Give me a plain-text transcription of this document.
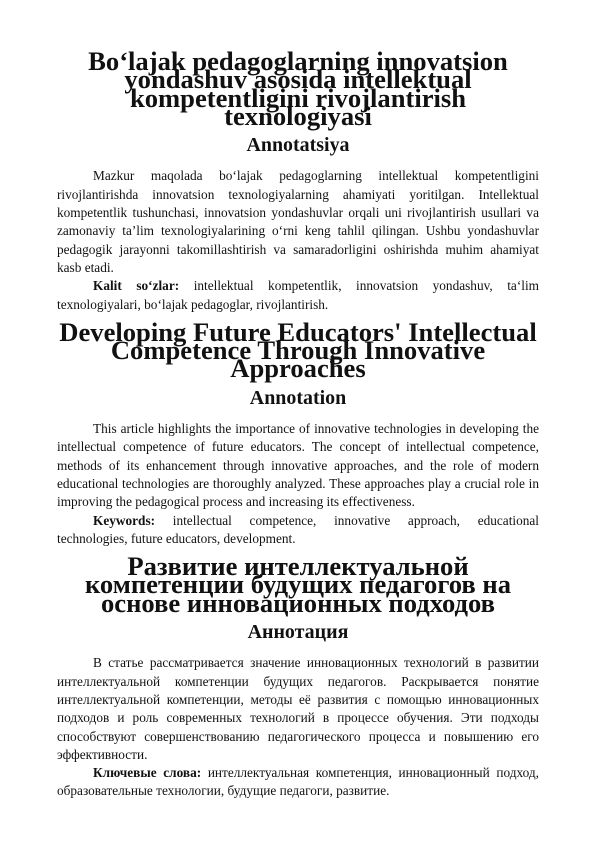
Bo‘lajak pedagoglarning innovatsion yondashuv asosida intellektual kompetentligini rivojlantirish texnologiyasi
Annotatsiya

Mazkur maqolada bo‘lajak pedagoglarning intellektual kompetentligini rivojlantirishda innovatsion texnologiyalarning ahamiyati yoritilgan. Intellektual kompetentlik tushunchasi, innovatsion yondashuvlar orqali uni rivojlantirish usullari va zamonaviy ta’lim texnologiyalarining o‘rni keng tahlil qilingan. Ushbu yondashuvlar pedagogik jarayonni takomillashtirish va samaradorligini oshirishda muhim ahamiyat kasb etadi.

Kalit so‘zlar: intellektual kompetentlik, innovatsion yondashuv, ta‘lim texnologiyalari, bo‘lajak pedagoglar, rivojlantirish.

Developing Future Educators' Intellectual Competence Through Innovative Approaches
Annotation

This article highlights the importance of innovative technologies in developing the intellectual competence of future educators. The concept of intellectual competence, methods of its enhancement through innovative approaches, and the role of modern educational technologies are thoroughly analyzed. These approaches play a crucial role in improving the pedagogical process and increasing its effectiveness.

Keywords: intellectual competence, innovative approach, educational technologies, future educators, development.

Развитие интеллектуальной компетенции будущих педагогов на основе инновационных подходов
Аннотация

В статье рассматривается значение инновационных технологий в развитии интеллектуальной компетенции будущих педагогов. Раскрывается понятие интеллектуальной компетенции, методы её развития с помощью инновационных подходов и роль современных технологий в процессе обучения. Эти подходы способствуют совершенствованию педагогического процесса и повышению его эффективности.

Ключевые слова: интеллектуальная компетенция, инновационный подход, образовательные технологии, будущие педагоги, развитие.
